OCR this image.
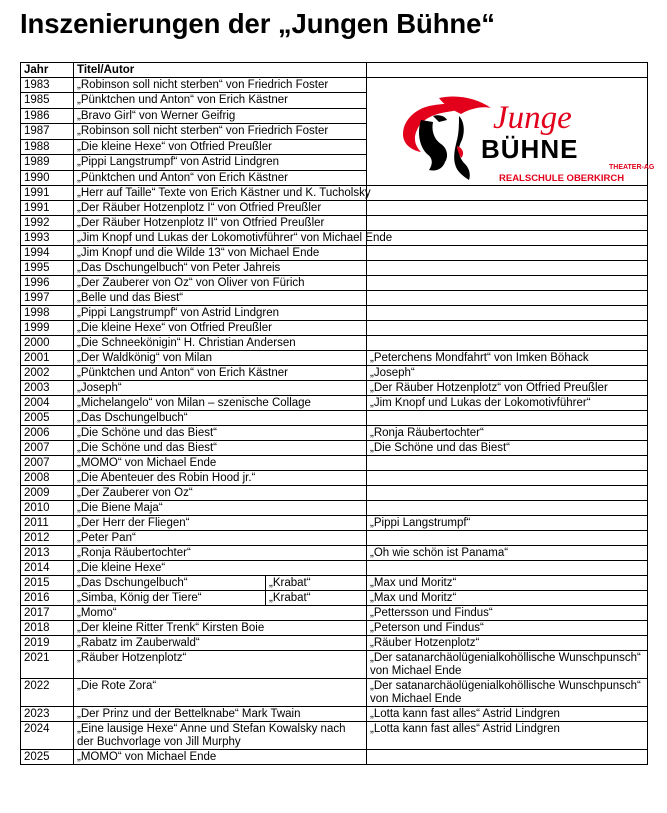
Inszenierungen der „Jungen Bühne“
Jahr	Titel/Autor		
1983	„Robinson soll nicht sterben“ von Friedrich Foster		Junge
BÜHNE
THEATER-AG
REALSCHULE OBERKIRCH

1985	„Pünktchen und Anton“ von Erich Kästner		
1986	„Bravo Girl“ von Werner Geifrig		
1987	„Robinson soll nicht sterben“ von Friedrich Foster		
1988	„Die kleine Hexe“ von Otfried Preußler		
1989	„Pippi Langstrumpf“ von Astrid Lindgren		
1990	„Pünktchen und Anton“ von Erich Kästner		
1991	„Herr auf Taille“ Texte von Erich Kästner und K. Tucholsky		
1991	„Der Räuber Hotzenplotz I“ von Otfried Preußler		
1992	„Der Räuber Hotzenplotz II“ von Otfried Preußler		
1993	„Jim Knopf und Lukas der Lokomotivführer“ von Michael Ende		
1994	„Jim Knopf und die Wilde 13“ von Michael Ende		
1995	„Das Dschungelbuch“ von Peter Jahreis		
1996	„Der Zauberer von Oz“ von Oliver von Fürich		
1997	„Belle und das Biest“		
1998	„Pippi Langstrumpf“ von Astrid Lindgren		
1999	„Die kleine Hexe“ von Otfried Preußler		
2000	„Die Schneekönigin“ H. Christian Andersen		
2001	„Der Waldkönig“ von Milan		„Peterchens Mondfahrt“ von Imken Böhack
2002	„Pünktchen und Anton“ von Erich Kästner		„Joseph“
2003	„Joseph“		„Der Räuber Hotzenplotz“ von Otfried Preußler
2004	„Michelangelo“ von Milan – szenische Collage		„Jim Knopf und Lukas der Lokomotivführer“
2005	„Das Dschungelbuch“		
2006	„Die Schöne und das Biest“		„Ronja Räubertochter“
2007	„Die Schöne und das Biest“		„Die Schöne und das Biest“
2007	„MOMO“ von Michael Ende		
2008	„Die Abenteuer des Robin Hood jr.“		
2009	„Der Zauberer von Oz“		
2010	„Die Biene Maja“		
2011	„Der Herr der Fliegen“		„Pippi Langstrumpf“
2012	„Peter Pan“		
2013	„Ronja Räubertochter“		„Oh wie schön ist Panama“
2014	„Die kleine Hexe“		
2015	„Das Dschungelbuch“	„Krabat“	„Max und Moritz“
2016	„Simba, König der Tiere“	„Krabat“	„Max und Moritz“
2017	„Momo“		„Pettersson und Findus“
2018	„Der kleine Ritter Trenk“ Kirsten Boie		„Peterson und Findus“
2019	„Rabatz im Zauberwald“		„Räuber Hotzenplotz“
2021	„Räuber Hotzenplotz“		„Der satanarchäolügenialkohöllische Wunschpunsch“ von Michael Ende
2022	„Die Rote Zora“		„Der satanarchäolügenialkohöllische Wunschpunsch“ von Michael Ende
2023	„Der Prinz und der Bettelknabe“ Mark Twain		„Lotta kann fast alles“ Astrid Lindgren
2024	„Eine lausige Hexe“ Anne und Stefan Kowalsky nach der Buchvorlage von Jill Murphy		„Lotta kann fast alles“ Astrid Lindgren
2025	„MOMO“ von Michael Ende		
